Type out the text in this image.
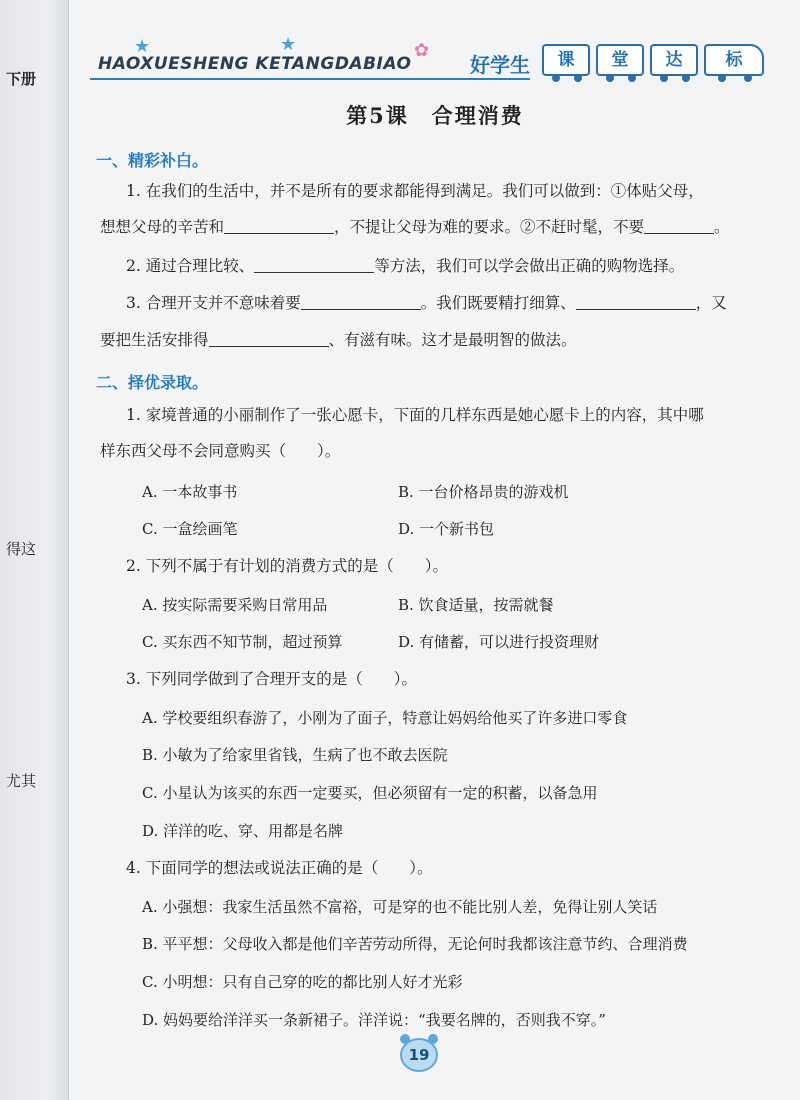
下册
得这
尤其
★	★	✿
HAOXUESHENG KETANGDABIAO	好学生	课	堂	达	标
第5课　合理消费
一、精彩补白。
1. 在我们的生活中，并不是所有的要求都能得到满足。我们可以做到：①体贴父母，
想想父母的辛苦和	，不提让父母为难的要求。②不赶时髦，不要	。
2. 通过合理比较、	等方法，我们可以学会做出正确的购物选择。
3. 合理开支并不意味着要	。我们既要精打细算、	，又
要把生活安排得	、有滋有味。这才是最明智的做法。
二、择优录取。
1. 家境普通的小丽制作了一张心愿卡，下面的几样东西是她心愿卡上的内容，其中哪
样东西父母不会同意购买（　　）。
A. 一本故事书	B. 一台价格昂贵的游戏机
C. 一盒绘画笔	D. 一个新书包
2. 下列不属于有计划的消费方式的是（　　）。
A. 按实际需要采购日常用品	B. 饮食适量，按需就餐
C. 买东西不知节制，超过预算	D. 有储蓄，可以进行投资理财
3. 下列同学做到了合理开支的是（　　）。
A. 学校要组织春游了，小刚为了面子，特意让妈妈给他买了许多进口零食
B. 小敏为了给家里省钱，生病了也不敢去医院
C. 小星认为该买的东西一定要买，但必须留有一定的积蓄，以备急用
D. 洋洋的吃、穿、用都是名牌
4. 下面同学的想法或说法正确的是（　　）。
A. 小强想：我家生活虽然不富裕，可是穿的也不能比别人差，免得让别人笑话
B. 平平想：父母收入都是他们辛苦劳动所得，无论何时我都该注意节约、合理消费
C. 小明想：只有自己穿的吃的都比别人好才光彩
D. 妈妈要给洋洋买一条新裙子。洋洋说：“我要名牌的，否则我不穿。”
19
